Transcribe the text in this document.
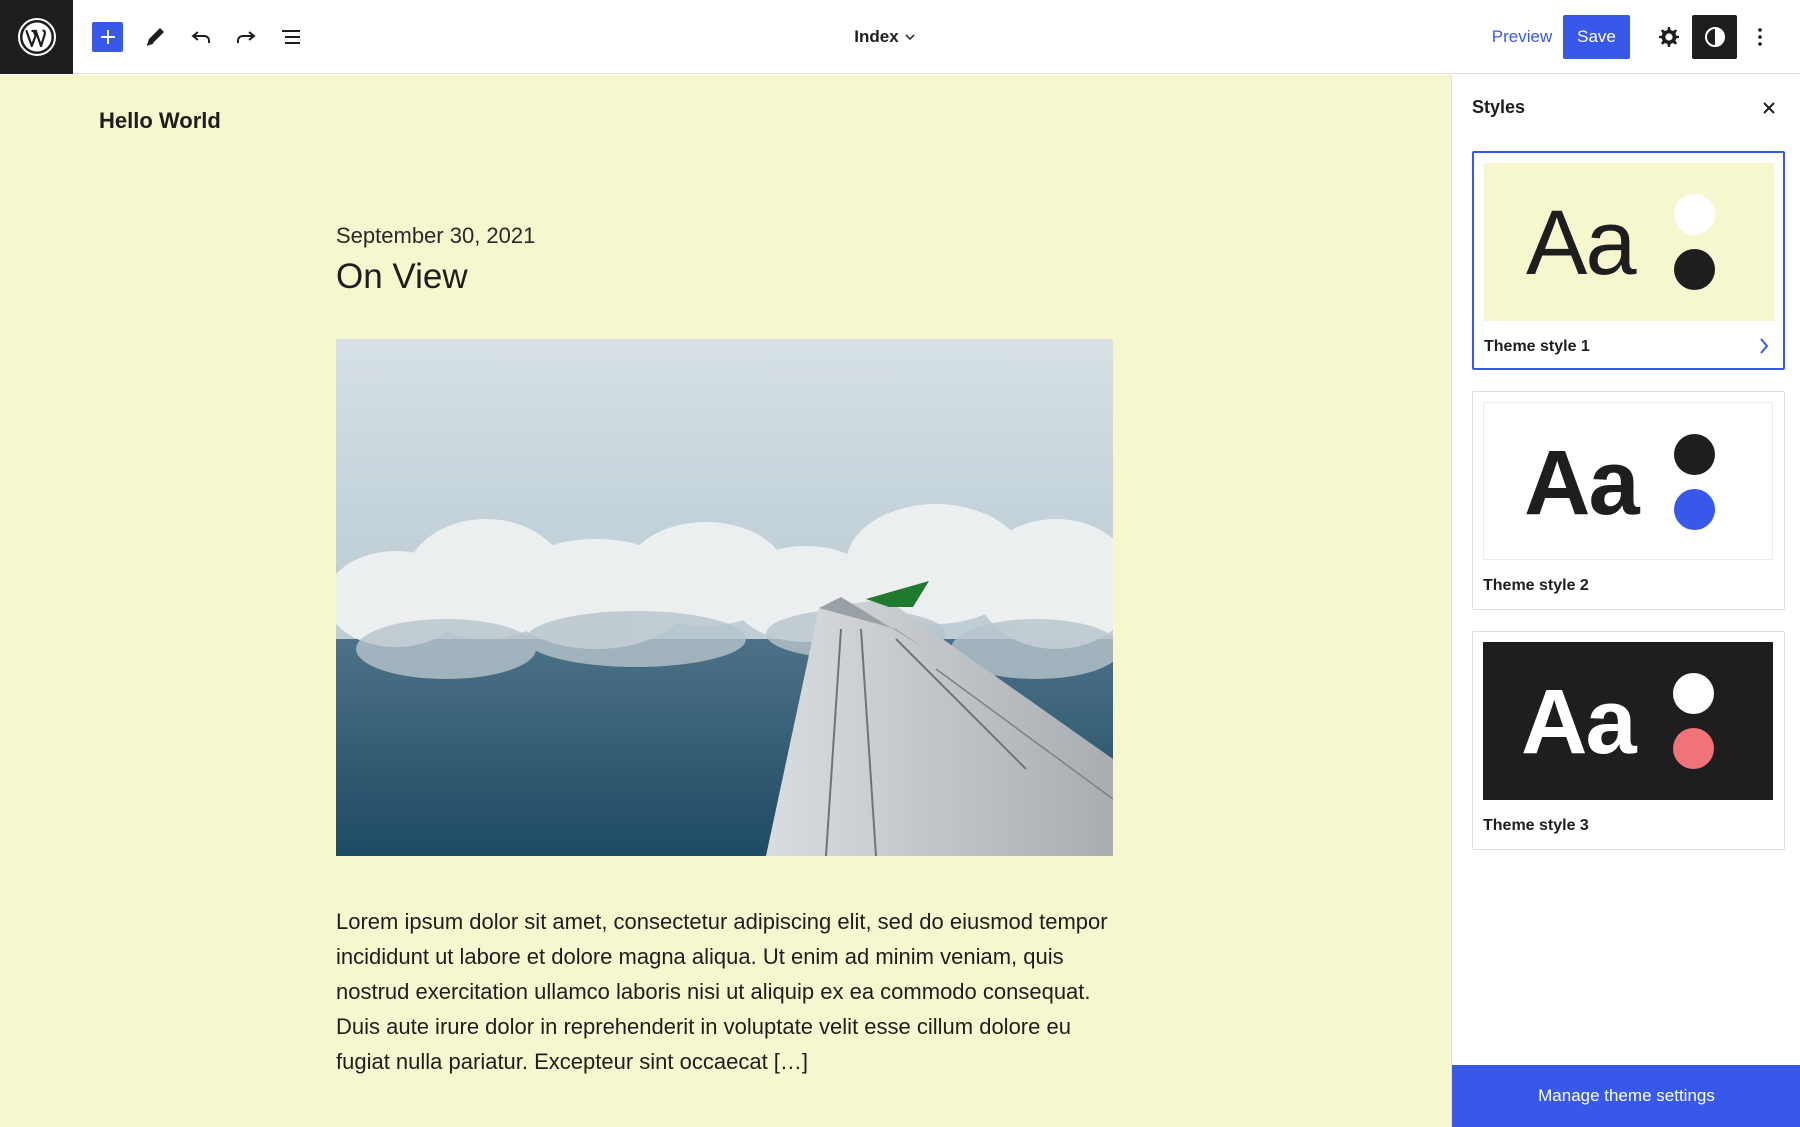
Index	Preview	Save
Hello World
September 30, 2021
On View
Lorem ipsum dolor sit amet, consectetur adipiscing elit, sed do eiusmod tempor incididunt ut labore et dolore magna aliqua. Ut enim ad minim veniam, quis nostrud exercitation ullamco laboris nisi ut aliquip ex ea commodo consequat. Duis aute irure dolor in reprehenderit in voluptate velit esse cillum dolore eu fugiat nulla pariatur. Excepteur sint occaecat […]
Styles
Aa
Theme style 1
Aa
Theme style 2
Aa
Theme style 3
Manage theme settings
